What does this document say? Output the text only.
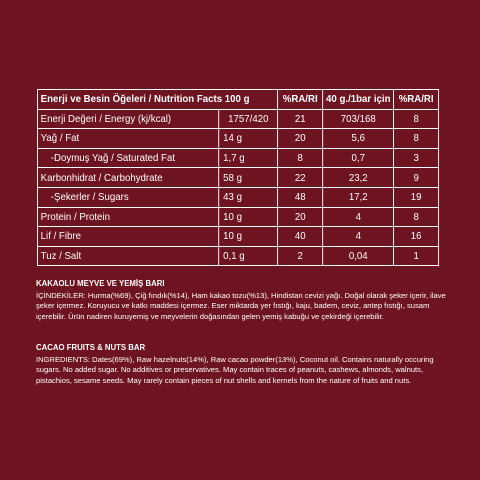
Enerji ve Besin Öğeleri / Nutrition Facts 100 g		%RA/RI	40 g./1bar için	%RA/RI
Enerji Değeri / Energy (kj/kcal)	1757/420	21	703/168	8
Yağ / Fat	14 g	20	5,6	8
-Doymuş Yağ / Saturated Fat	1,7 g	8	0,7	3
Karbonhidrat / Carbohydrate	58 g	22	23,2	9
-Şekerler / Sugars	43 g	48	17,2	19
Protein / Protein	10 g	20	4	8
Lif / Fibre	10 g	40	4	16
Tuz / Salt	0,1 g	2	0,04	1
KAKAOLU MEYVE VE YEMİŞ BARI
İÇİNDEKİLER: Hurma(%69), Çiğ fındık(%14), Ham kakao tozu(%13), Hindistan cevizi yağı. Doğal olarak şeker içerir, ilave şeker içermez. Koruyucu ve katkı maddesi içermez. Eser miktarda yer fıstığı, kaju, badem, ceviz, antep fıstığı, susam içerebilir. Ürün nadiren kuruyemiş ve meyvelerin doğasından gelen yemiş kabuğu ve çekirdeği içerebilir.
CACAO FRUITS & NUTS BAR
INGREDIENTS: Dates(69%), Raw hazelnuts(14%), Raw cacao powder(13%), Coconut oil. Contains naturally occuring sugars. No added sugar. No additives or preservatives. May contain traces of peanuts, cashews, almonds, walnuts, pistachios, sesame seeds. May rarely contain pieces of nut shells and kernels from the nature of fruits and nuts.
